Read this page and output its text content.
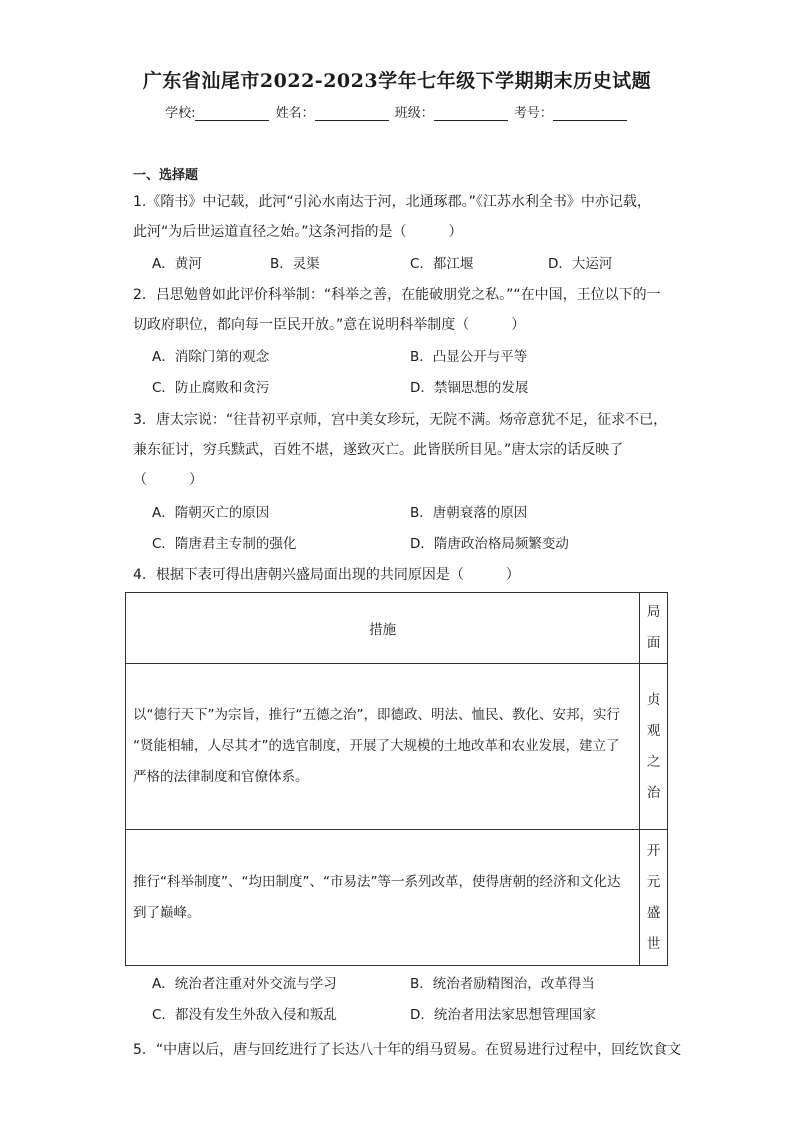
广东省汕尾市2022-2023学年七年级下学期期末历史试题
学校:	姓名：	班级：	考号：
一、选择题
1.《隋书》中记载，此河“引沁水南达于河，北通琢郡。”《江苏水利全书》中亦记载，
此河“为后世运道直径之始。”这条河指的是（　　　）
A．黄河	B．灵渠	C．都江堰	D．大运河
2．吕思勉曾如此评价科举制：“科举之善，在能破朋党之私。”“在中国，王位以下的一
切政府职位，都向每一臣民开放。”意在说明科举制度（　　　）
A．消除门第的观念	B．凸显公开与平等
C．防止腐败和贪污	D．禁锢思想的发展
3．唐太宗说：“往昔初平京师，宫中美女珍玩，无院不满。炀帝意犹不足，征求不已，
兼东征讨，穷兵黩武，百姓不堪，遂致灭亡。此皆朕所目见。”唐太宗的话反映了
（　　　）
A．隋朝灭亡的原因	B．唐朝衰落的原因
C．隋唐君主专制的强化	D．隋唐政治格局频繁变动
4．根据下表可得出唐朝兴盛局面出现的共同原因是（　　　）
措施	局
面

以“德行天下”为宗旨，推行“五德之治”，即德政、明法、恤民、教化、安邦，实行
“贤能相辅，人尽其才”的选官制度，开展了大规模的土地改革和农业发展，建立了
严格的法律制度和官僚体系。	贞
观
之
治

推行“科举制度”、“均田制度”、“市易法”等一系列改革，使得唐朝的经济和文化达
到了巅峰。	开
元
盛
世
A．统治者注重对外交流与学习	B．统治者励精图治，改革得当
C．都没有发生外敌入侵和叛乱	D．统治者用法家思想管理国家
5．“中唐以后，唐与回纥进行了长达八十年的绢马贸易。在贸易进行过程中，回纥饮食文
